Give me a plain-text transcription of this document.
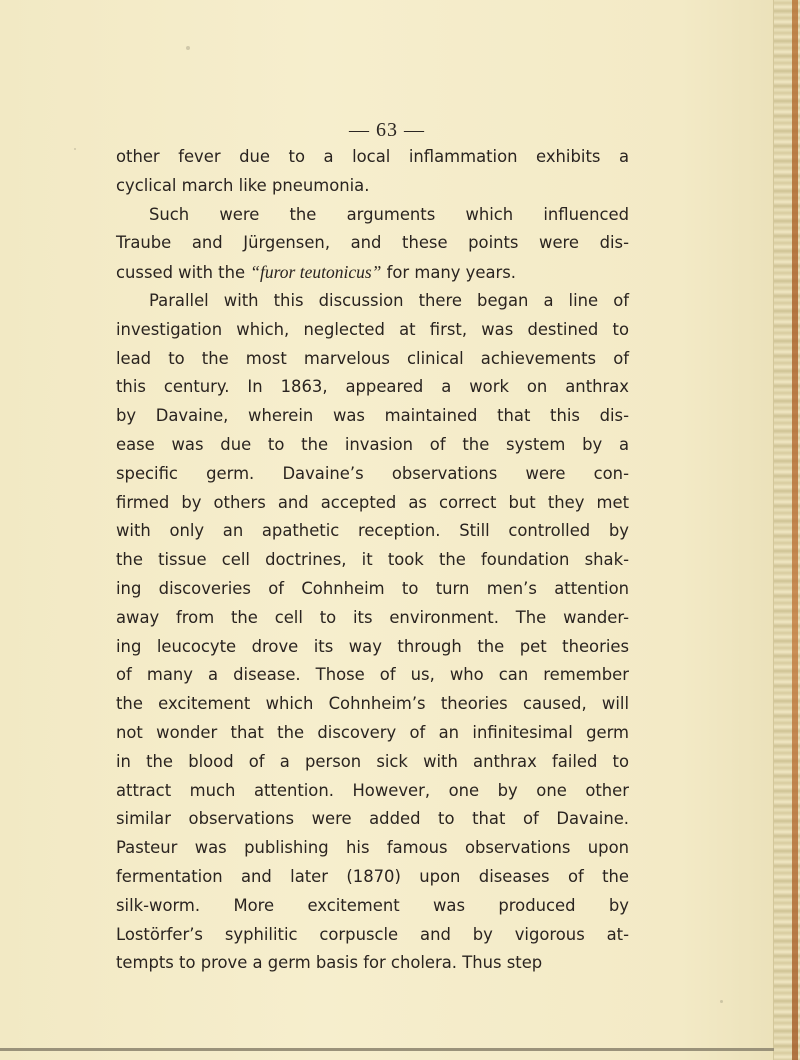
— 63 —
other fever due to a local inflammation exhibits a
cyclical march like pneumonia.
Such were the arguments which influenced
Traube and Jürgensen, and these points were dis-
cussed with the “furor teutonicus” for many years.
Parallel with this discussion there began a line of
investigation which, neglected at first, was destined to
lead to the most marvelous clinical achievements of
this century. In 1863, appeared a work on anthrax
by Davaine, wherein was maintained that this dis-
ease was due to the invasion of the system by a
specific germ. Davaine’s observations were con-
firmed by others and accepted as correct but they met
with only an apathetic reception. Still controlled by
the tissue cell doctrines, it took the foundation shak-
ing discoveries of Cohnheim to turn men’s attention
away from the cell to its environment. The wander-
ing leucocyte drove its way through the pet theories
of many a disease. Those of us, who can remember
the excitement which Cohnheim’s theories caused, will
not wonder that the discovery of an infinitesimal germ
in the blood of a person sick with anthrax failed to
attract much attention. However, one by one other
similar observations were added to that of Davaine.
Pasteur was publishing his famous observations upon
fermentation and later (1870) upon diseases of the
silk-worm. More excitement was produced by
Lostörfer’s syphilitic corpuscle and by vigorous at-
tempts to prove a germ basis for cholera. Thus step
